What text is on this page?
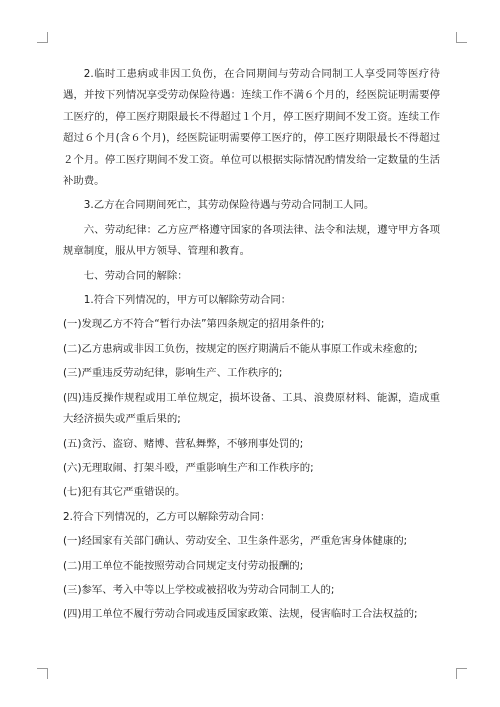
2.临时工患病或非因工负伤，在合同期间与劳动合同制工人享受同等医疗待遇，并按下列情况享受劳动保险待遇：连续工作不满６个月的，经医院证明需要停工医疗的，停工医疗期限最长不得超过１个月，停工医疗期间不发工资。连续工作超过６个月(含６个月)，经医院证明需要停工医疗的，停工医疗期限最长不得超过２个月。停工医疗期间不发工资。单位可以根据实际情况酌情发给一定数量的生活补助费。

3.乙方在合同期间死亡，其劳动保险待遇与劳动合同制工人同。

六、劳动纪律：乙方应严格遵守国家的各项法律、法令和法规，遵守甲方各项规章制度，服从甲方领导、管理和教育。

七、劳动合同的解除：

1.符合下列情况的，甲方可以解除劳动合同：

(一)发现乙方不符合“暂行办法”第四条规定的招用条件的;

(二)乙方患病或非因工负伤，按规定的医疗期满后不能从事原工作或未痊愈的;

(三)严重违反劳动纪律，影响生产、工作秩序的;

(四)违反操作规程或用工单位规定，损坏设备、工具、浪费原材料、能源，造成重大经济损失或严重后果的;

(五)贪污、盗窃、赌博、营私舞弊，不够刑事处罚的;

(六)无理取闹、打架斗殴，严重影响生产和工作秩序的;

(七)犯有其它严重错误的。

2.符合下列情况的，乙方可以解除劳动合同：

(一)经国家有关部门确认、劳动安全、卫生条件恶劣，严重危害身体健康的;

(二)用工单位不能按照劳动合同规定支付劳动报酬的;

(三)参军、考入中等以上学校或被招收为劳动合同制工人的;

(四)用工单位不履行劳动合同或违反国家政策、法规，侵害临时工合法权益的;
